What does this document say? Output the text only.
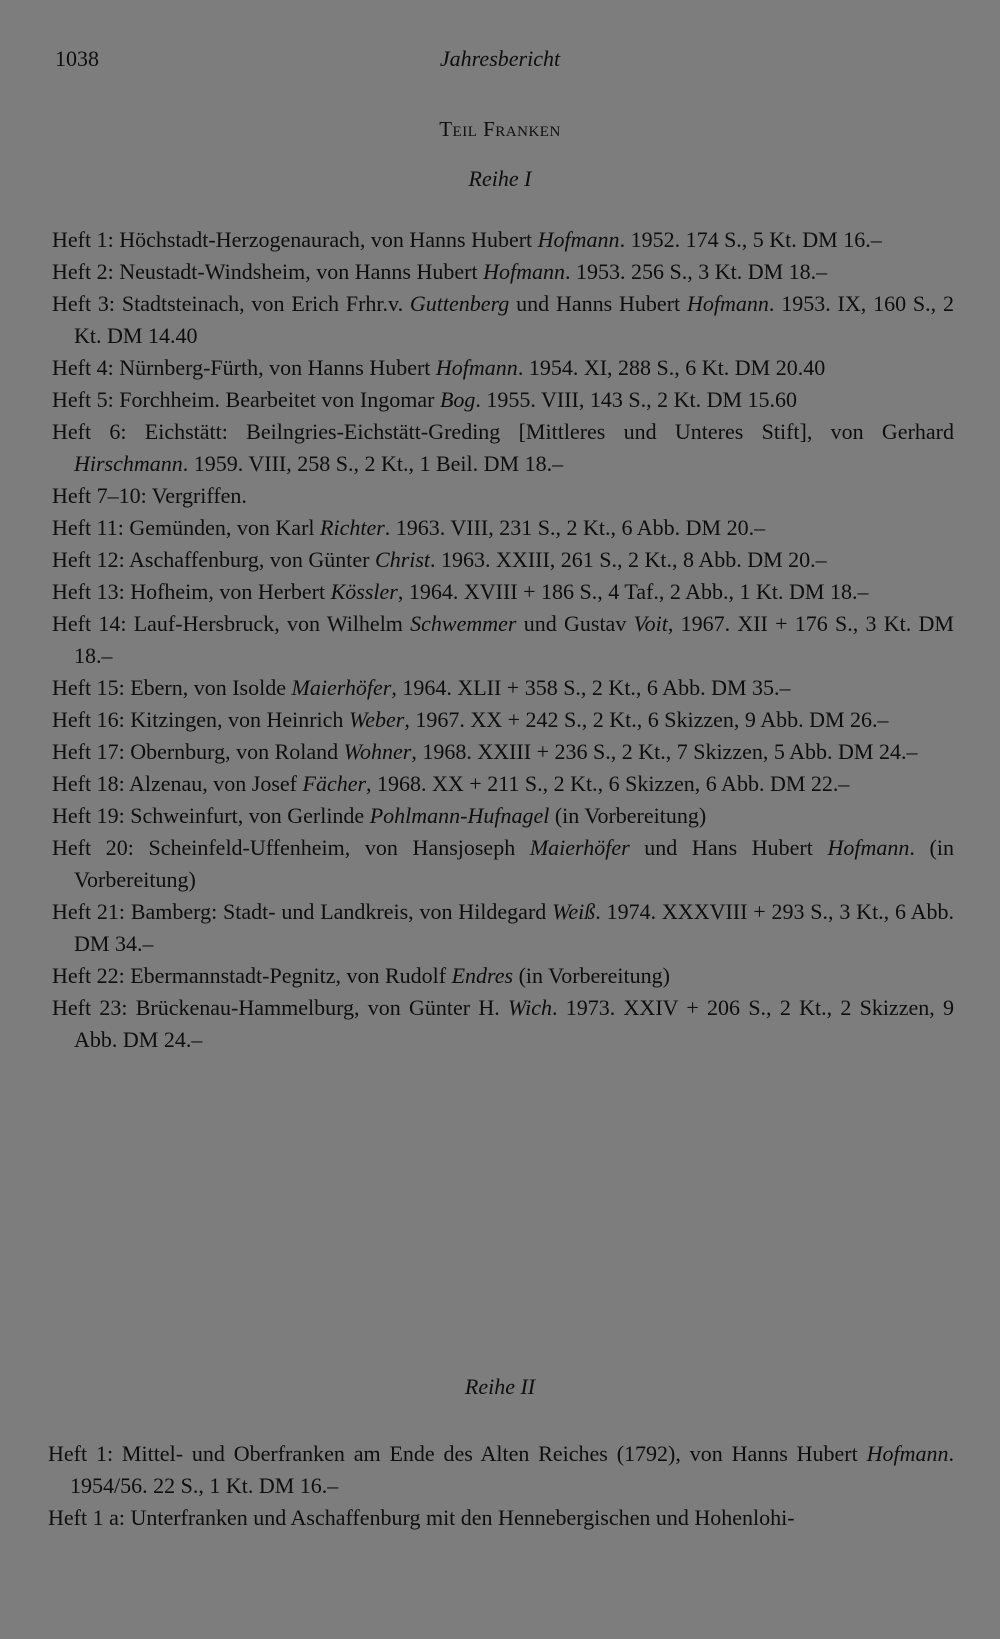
1038	Jahresbericht
Teil Franken
Reihe I

Heft 1: Höchstadt-Herzogenaurach, von Hanns Hubert Hofmann. 1952. 174 S., 5 Kt. DM 16.–

Heft 2: Neustadt-Windsheim, von Hanns Hubert Hofmann. 1953. 256 S., 3 Kt. DM 18.–

Heft 3: Stadtsteinach, von Erich Frhr.v. Guttenberg und Hanns Hubert Hofmann. 1953. IX, 160 S., 2 Kt. DM 14.40

Heft 4: Nürnberg-Fürth, von Hanns Hubert Hofmann. 1954. XI, 288 S., 6 Kt. DM 20.40

Heft 5: Forchheim. Bearbeitet von Ingomar Bog. 1955. VIII, 143 S., 2 Kt. DM 15.60

Heft 6: Eichstätt: Beilngries-Eichstätt-Greding [Mittleres und Unteres Stift], von Gerhard Hirschmann. 1959. VIII, 258 S., 2 Kt., 1 Beil. DM 18.–

Heft 7–10: Vergriffen.

Heft 11: Gemünden, von Karl Richter. 1963. VIII, 231 S., 2 Kt., 6 Abb. DM 20.–

Heft 12: Aschaffenburg, von Günter Christ. 1963. XXIII, 261 S., 2 Kt., 8 Abb. DM 20.–

Heft 13: Hofheim, von Herbert Kössler, 1964. XVIII + 186 S., 4 Taf., 2 Abb., 1 Kt. DM 18.–

Heft 14: Lauf-Hersbruck, von Wilhelm Schwemmer und Gustav Voit, 1967. XII + 176 S., 3 Kt. DM 18.–

Heft 15: Ebern, von Isolde Maierhöfer, 1964. XLII + 358 S., 2 Kt., 6 Abb. DM 35.–

Heft 16: Kitzingen, von Heinrich Weber, 1967. XX + 242 S., 2 Kt., 6 Skizzen, 9 Abb. DM 26.–

Heft 17: Obernburg, von Roland Wohner, 1968. XXIII + 236 S., 2 Kt., 7 Skizzen, 5 Abb. DM 24.–

Heft 18: Alzenau, von Josef Fächer, 1968. XX + 211 S., 2 Kt., 6 Skizzen, 6 Abb. DM 22.–

Heft 19: Schweinfurt, von Gerlinde Pohlmann-Hufnagel (in Vorbereitung)

Heft 20: Scheinfeld-Uffenheim, von Hansjoseph Maierhöfer und Hans Hubert Hofmann. (in Vorbereitung)

Heft 21: Bamberg: Stadt- und Landkreis, von Hildegard Weiß. 1974. XXXVIII + 293 S., 3 Kt., 6 Abb. DM 34.–

Heft 22: Ebermannstadt-Pegnitz, von Rudolf Endres (in Vorbereitung)

Heft 23: Brückenau-Hammelburg, von Günter H. Wich. 1973. XXIV + 206 S., 2 Kt., 2 Skizzen, 9 Abb. DM 24.–

Reihe II

Heft 1: Mittel- und Oberfranken am Ende des Alten Reiches (1792), von Hanns Hubert Hofmann. 1954/56. 22 S., 1 Kt. DM 16.–

Heft 1 a: Unterfranken und Aschaffenburg mit den Hennebergischen und Hohenlohi-
